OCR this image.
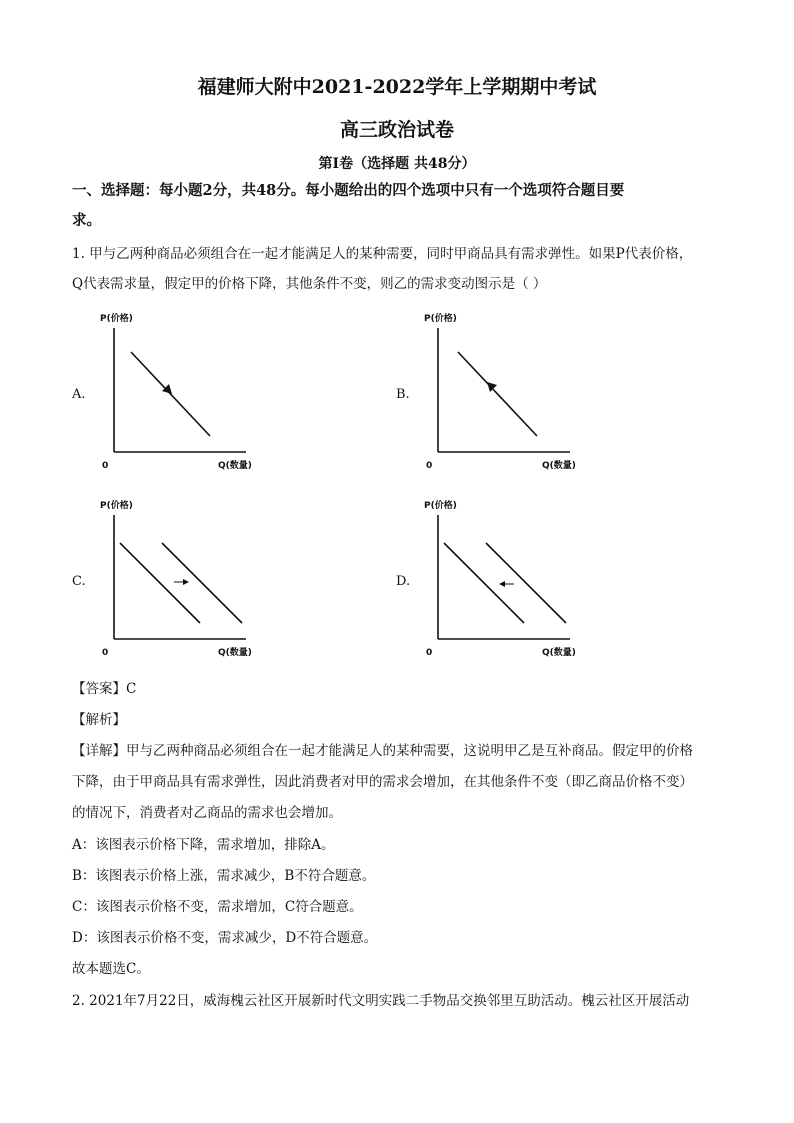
福建师大附中2021-2022学年上学期期中考试
高三政治试卷
第Ⅰ卷（选择题 共48分）
一、选择题：每小题2分，共48分。每小题给出的四个选项中只有一个选项符合题目要
求。
1. 甲与乙两种商品必须组合在一起才能满足人的某种需要，同时甲商品具有需求弹性。如果P代表价格，
Q代表需求量，假定甲的价格下降，其他条件不变，则乙的需求变动图示是（ ）
A.
P(价格)
0	Q(数量)
B.
P(价格)
0	Q(数量)
C.
P(价格)
0	Q(数量)
D.
P(价格)
0	Q(数量)
【答案】C
【解析】
【详解】甲与乙两种商品必须组合在一起才能满足人的某种需要，这说明甲乙是互补商品。假定甲的价格
下降，由于甲商品具有需求弹性，因此消费者对甲的需求会增加，在其他条件不变（即乙商品价格不变）
的情况下，消费者对乙商品的需求也会增加。
A：该图表示价格下降，需求增加，排除A。
B：该图表示价格上涨，需求减少，B不符合题意。
C：该图表示价格不变，需求增加，C符合题意。
D：该图表示价格不变，需求减少，D不符合题意。
故本题选C。
2. 2021年7月22日，威海槐云社区开展新时代文明实践二手物品交换邻里互助活动。槐云社区开展活动
